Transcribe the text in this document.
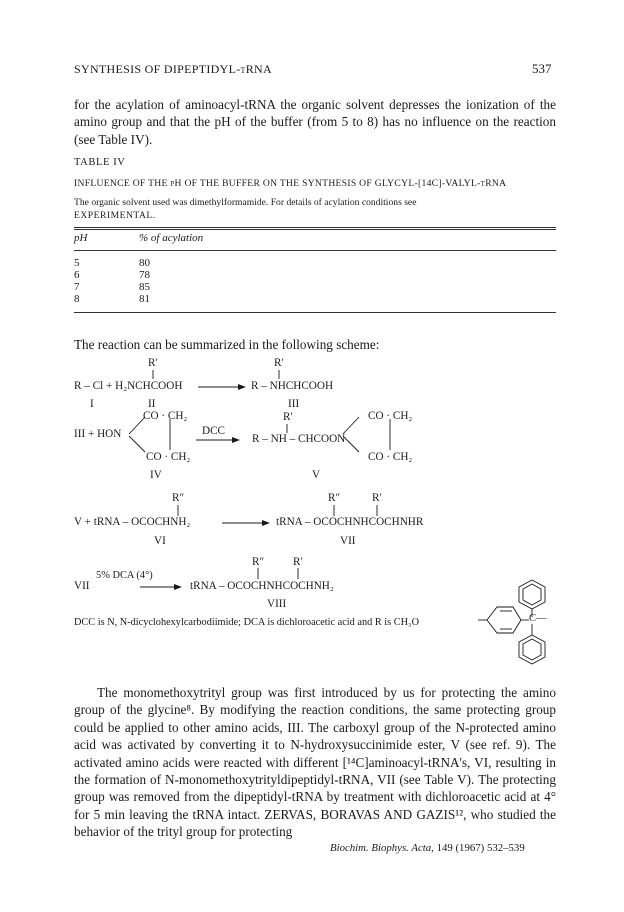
SYNTHESIS OF DIPEPTIDYL-tRNA	537

for the acylation of aminoacyl-tRNA the organic solvent depresses the ionization of the amino group and that the pH of the buffer (from 5 to 8) has no influence on the reaction (see Table IV).

TABLE IV
INFLUENCE OF THE pH OF THE BUFFER ON THE SYNTHESIS OF GLYCYL-[14C]-VALYL-tRNA
The organic solvent used was dimethylformamide. For details of acylation conditions see
EXPERIMENTAL.
pH	% of acylation
5	80
6	78
7	85
8	81
The reaction can be summarized in the following scheme:
R′	R′
R – Cl + H₂NCHCOOH	R – NHCHCOOH
I	II	III
CO · CH₂	R′	CO · CH₂
III + HON	DCC
R – NH – CHCOON
CO · CH₂	CO · CH₂
IV	V
R″	R″	R′
V + tRNA – OCOCHNH₂	tRNA – OCOCHNHCOCHNHR
VI	VII
R″	R′
VII
5% DCA (4°)
tRNA – OCOCHNHCOCHNH₂
VIII
DCC is N, N-dicyclohexylcarbodiimide; DCA is dichloroacetic acid and R is CH₃O	C—

The monomethoxytrityl group was first introduced by us for protecting the amino group of the glycine⁸. By modifying the reaction conditions, the same protecting group could be applied to other amino acids, III. The carboxyl group of the N-protected amino acid was activated by converting it to N-hydroxysuccinimide ester, V (see ref. 9). The activated amino acids were reacted with different [¹⁴C]aminoacyl-tRNA's, VI, resulting in the formation of N-monomethoxytrityldipeptidyl-tRNA, VII (see Table V). The protecting group was removed from the dipeptidyl-tRNA by treatment with dichloroacetic acid at 4° for 5 min leaving the tRNA intact. ZERVAS, BORAVAS AND GAZIS¹², who studied the behavior of the trityl group for protecting

Biochim. Biophys. Acta, 149 (1967) 532–539
